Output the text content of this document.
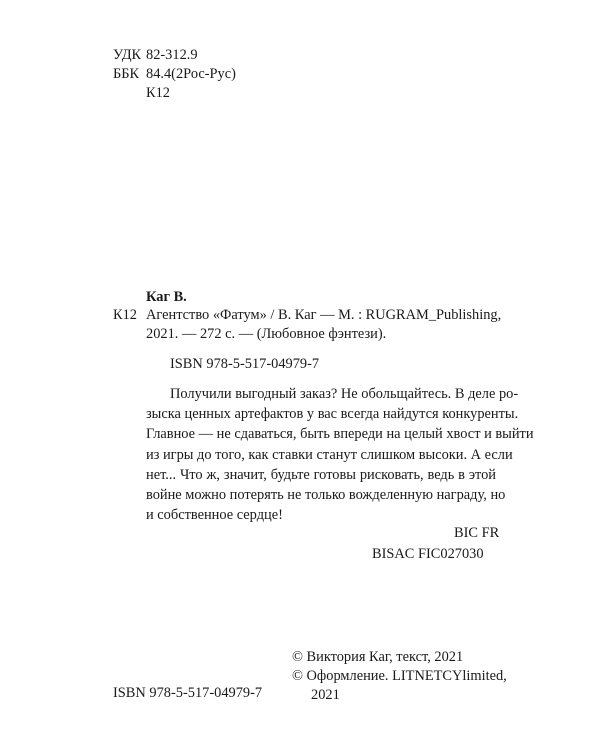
УДК 82-312.9
ББК 84.4(2Рос-Рус)
К12
Каг В.
К12 Агентство «Фатум» / В. Каг — М. : RUGRAM_Publishing,
2021. — 272 с. — (Любовное фэнтези).
ISBN 978-5-517-04979-7
Получили выгодный заказ? Не обольщайтесь. В деле ро-
зыска ценных артефактов у вас всегда найдутся конкуренты.
Главное — не сдаваться, быть впереди на целый хвост и выйти
из игры до того, как ставки станут слишком высоки. А если
нет... Что ж, значит, будьте готовы рисковать, ведь в этой
войне можно потерять не только вожделенную награду, но
и собственное сердце!
BIC FR
BISAC FIC027030
© Виктория Каг, текст, 2021
© Оформление. LITNETCYlimited,
2021
ISBN 978-5-517-04979-7
